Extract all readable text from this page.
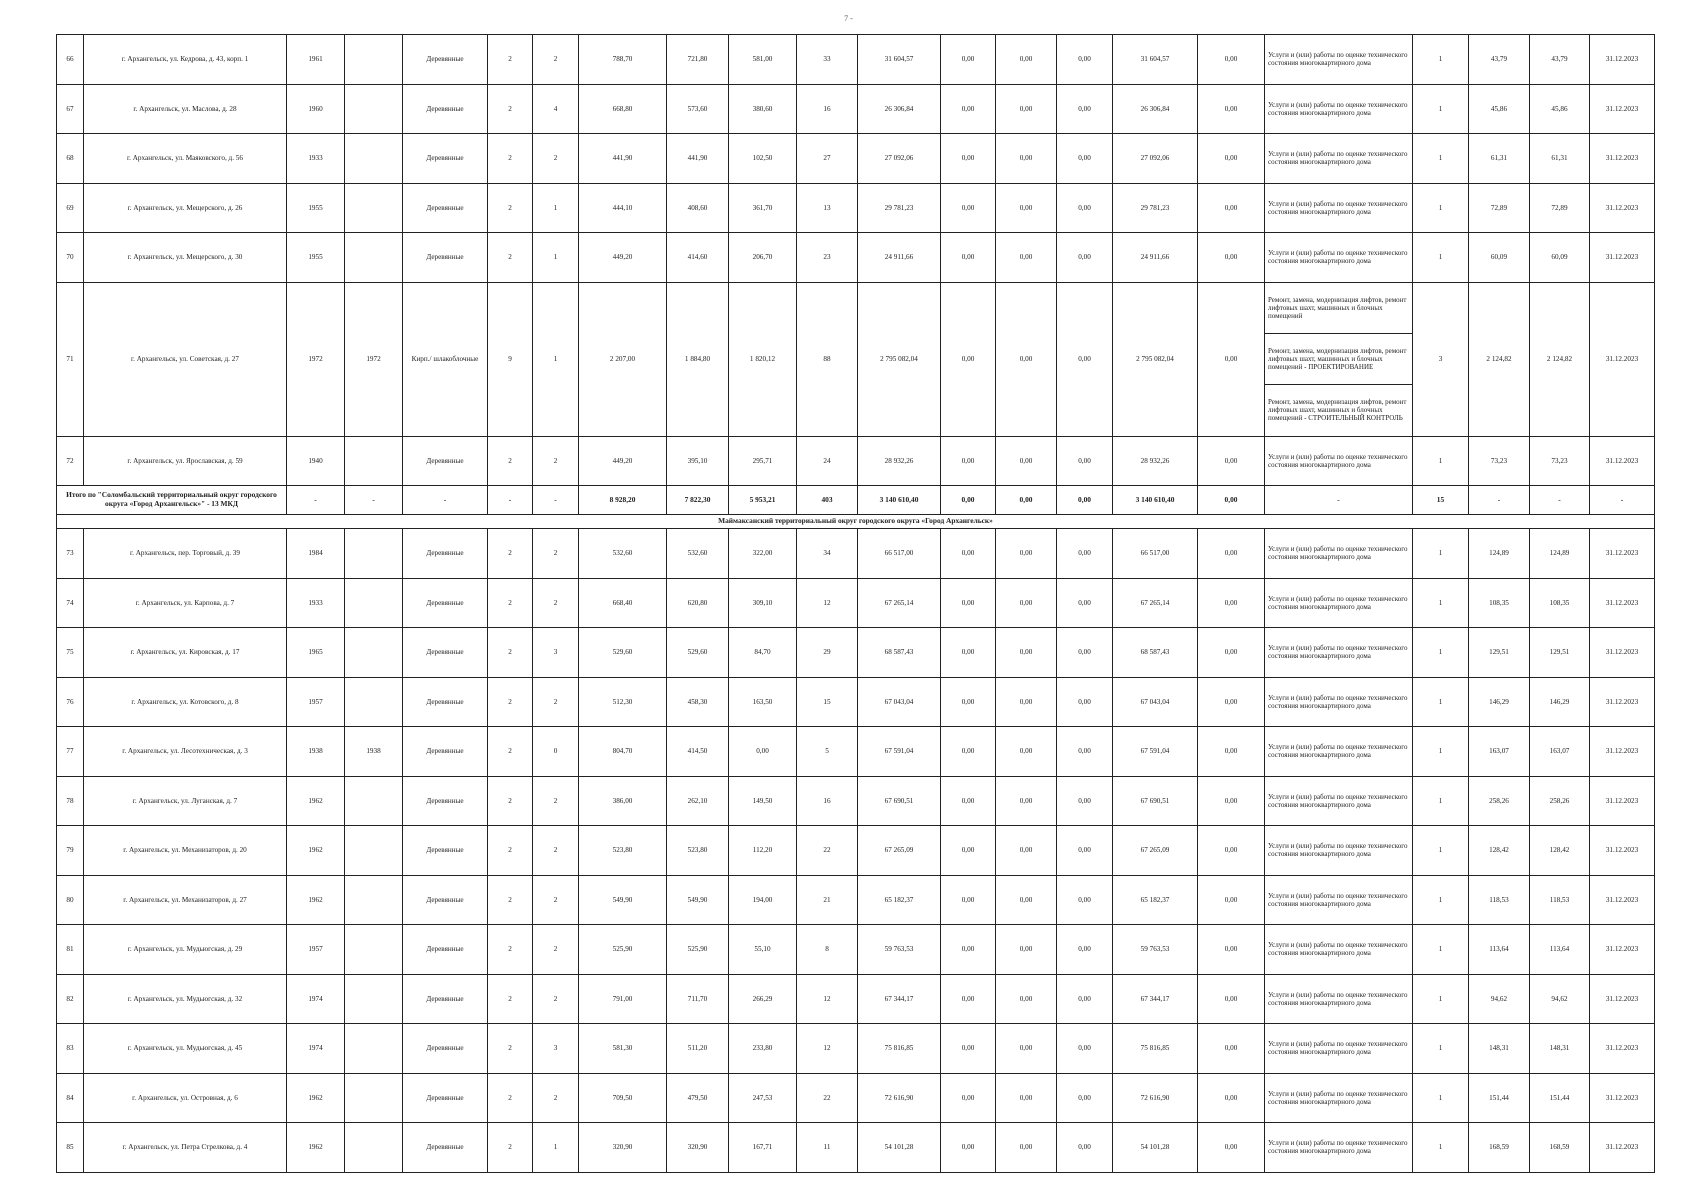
7 -
66	г. Архангельск, ул. Кедрова, д. 43, корп. 1	1961		Деревянные	2	2	788,70	721,80	581,00	33	31 604,57	0,00	0,00	0,00	31 604,57	0,00	Услуги и (или) работы по оценке технического состояния многоквартирного дома	1	43,79	43,79	31.12.2023
67	г. Архангельск, ул. Маслова, д. 28	1960		Деревянные	2	4	668,80	573,60	380,60	16	26 306,84	0,00	0,00	0,00	26 306,84	0,00	Услуги и (или) работы по оценке технического состояния многоквартирного дома	1	45,86	45,86	31.12.2023
68	г. Архангельск, ул. Маяковского, д. 56	1933		Деревянные	2	2	441,90	441,90	102,50	27	27 092,06	0,00	0,00	0,00	27 092,06	0,00	Услуги и (или) работы по оценке технического состояния многоквартирного дома	1	61,31	61,31	31.12.2023
69	г. Архангельск, ул. Мещерского, д. 26	1955		Деревянные	2	1	444,10	408,60	361,70	13	29 781,23	0,00	0,00	0,00	29 781,23	0,00	Услуги и (или) работы по оценке технического состояния многоквартирного дома	1	72,89	72,89	31.12.2023
70	г. Архангельск, ул. Мещерского, д. 30	1955		Деревянные	2	1	449,20	414,60	206,70	23	24 911,66	0,00	0,00	0,00	24 911,66	0,00	Услуги и (или) работы по оценке технического состояния многоквартирного дома	1	60,09	60,09	31.12.2023
71	г. Архангельск, ул. Советская, д. 27	1972	1972	Кирп./ шлакоблочные	9	1	2 207,00	1 884,80	1 820,12	88	2 795 082,04	0,00	0,00	0,00	2 795 082,04	0,00	Ремонт, замена, модернизация лифтов, ремонт лифтовых шахт, машинных и блочных помещений
Ремонт, замена, модернизация лифтов, ремонт лифтовых шахт, машинных и блочных помещений - ПРОЕКТИРОВАНИЕ
Ремонт, замена, модернизация лифтов, ремонт лифтовых шахт, машинных и блочных помещений - СТРОИТЕЛЬНЫЙ КОНТРОЛЬ	3	2 124,82	2 124,82	31.12.2023
72	г. Архангельск, ул. Ярославская, д. 59	1940		Деревянные	2	2	449,20	395,10	295,71	24	28 932,26	0,00	0,00	0,00	28 932,26	0,00	Услуги и (или) работы по оценке технического состояния многоквартирного дома	1	73,23	73,23	31.12.2023
Итого по "Соломбальский территориальный округ городского округа «Город Архангельск»" - 13 МКД		-	-	-	-	-	8 928,20	7 822,30	5 953,21	403	3 140 610,40	0,00	0,00	0,00	3 140 610,40	0,00	-	15	-	-	-
Маймаксанский территориальный округ городского округа «Город Архангельск»																					
73	г. Архангельск, пер. Торговый, д. 39	1984		Деревянные	2	2	532,60	532,60	322,00	34	66 517,00	0,00	0,00	0,00	66 517,00	0,00	Услуги и (или) работы по оценке технического состояния многоквартирного дома	1	124,89	124,89	31.12.2023
74	г. Архангельск, ул. Карпова, д. 7	1933		Деревянные	2	2	668,40	620,80	309,10	12	67 265,14	0,00	0,00	0,00	67 265,14	0,00	Услуги и (или) работы по оценке технического состояния многоквартирного дома	1	108,35	108,35	31.12.2023
75	г. Архангельск, ул. Кировская, д. 17	1965		Деревянные	2	3	529,60	529,60	84,70	29	68 587,43	0,00	0,00	0,00	68 587,43	0,00	Услуги и (или) работы по оценке технического состояния многоквартирного дома	1	129,51	129,51	31.12.2023
76	г. Архангельск, ул. Котовского, д. 8	1957		Деревянные	2	2	512,30	458,30	163,50	15	67 043,04	0,00	0,00	0,00	67 043,04	0,00	Услуги и (или) работы по оценке технического состояния многоквартирного дома	1	146,29	146,29	31.12.2023
77	г. Архангельск, ул. Лесотехническая, д. 3	1938	1938	Деревянные	2	0	804,70	414,50	0,00	5	67 591,04	0,00	0,00	0,00	67 591,04	0,00	Услуги и (или) работы по оценке технического состояния многоквартирного дома	1	163,07	163,07	31.12.2023
78	г. Архангельск, ул. Луганская, д. 7	1962		Деревянные	2	2	386,00	262,10	149,50	16	67 690,51	0,00	0,00	0,00	67 690,51	0,00	Услуги и (или) работы по оценке технического состояния многоквартирного дома	1	258,26	258,26	31.12.2023
79	г. Архангельск, ул. Механизаторов, д. 20	1962		Деревянные	2	2	523,80	523,80	112,20	22	67 265,09	0,00	0,00	0,00	67 265,09	0,00	Услуги и (или) работы по оценке технического состояния многоквартирного дома	1	128,42	128,42	31.12.2023
80	г. Архангельск, ул. Механизаторов, д. 27	1962		Деревянные	2	2	549,90	549,90	194,00	21	65 182,37	0,00	0,00	0,00	65 182,37	0,00	Услуги и (или) работы по оценке технического состояния многоквартирного дома	1	118,53	118,53	31.12.2023
81	г. Архангельск, ул. Мудьюгская, д. 29	1957		Деревянные	2	2	525,90	525,90	55,10	8	59 763,53	0,00	0,00	0,00	59 763,53	0,00	Услуги и (или) работы по оценке технического состояния многоквартирного дома	1	113,64	113,64	31.12.2023
82	г. Архангельск, ул. Мудьюгская, д. 32	1974		Деревянные	2	2	791,00	711,70	266,29	12	67 344,17	0,00	0,00	0,00	67 344,17	0,00	Услуги и (или) работы по оценке технического состояния многоквартирного дома	1	94,62	94,62	31.12.2023
83	г. Архангельск, ул. Мудьюгская, д. 45	1974		Деревянные	2	3	581,30	511,20	233,80	12	75 816,85	0,00	0,00	0,00	75 816,85	0,00	Услуги и (или) работы по оценке технического состояния многоквартирного дома	1	148,31	148,31	31.12.2023
84	г. Архангельск, ул. Островная, д. 6	1962		Деревянные	2	2	709,50	479,50	247,53	22	72 616,90	0,00	0,00	0,00	72 616,90	0,00	Услуги и (или) работы по оценке технического состояния многоквартирного дома	1	151,44	151,44	31.12.2023
85	г. Архангельск, ул. Петра Стрелкова, д. 4	1962		Деревянные	2	1	320,90	320,90	167,71	11	54 101,28	0,00	0,00	0,00	54 101,28	0,00	Услуги и (или) работы по оценке технического состояния многоквартирного дома	1	168,59	168,59	31.12.2023
